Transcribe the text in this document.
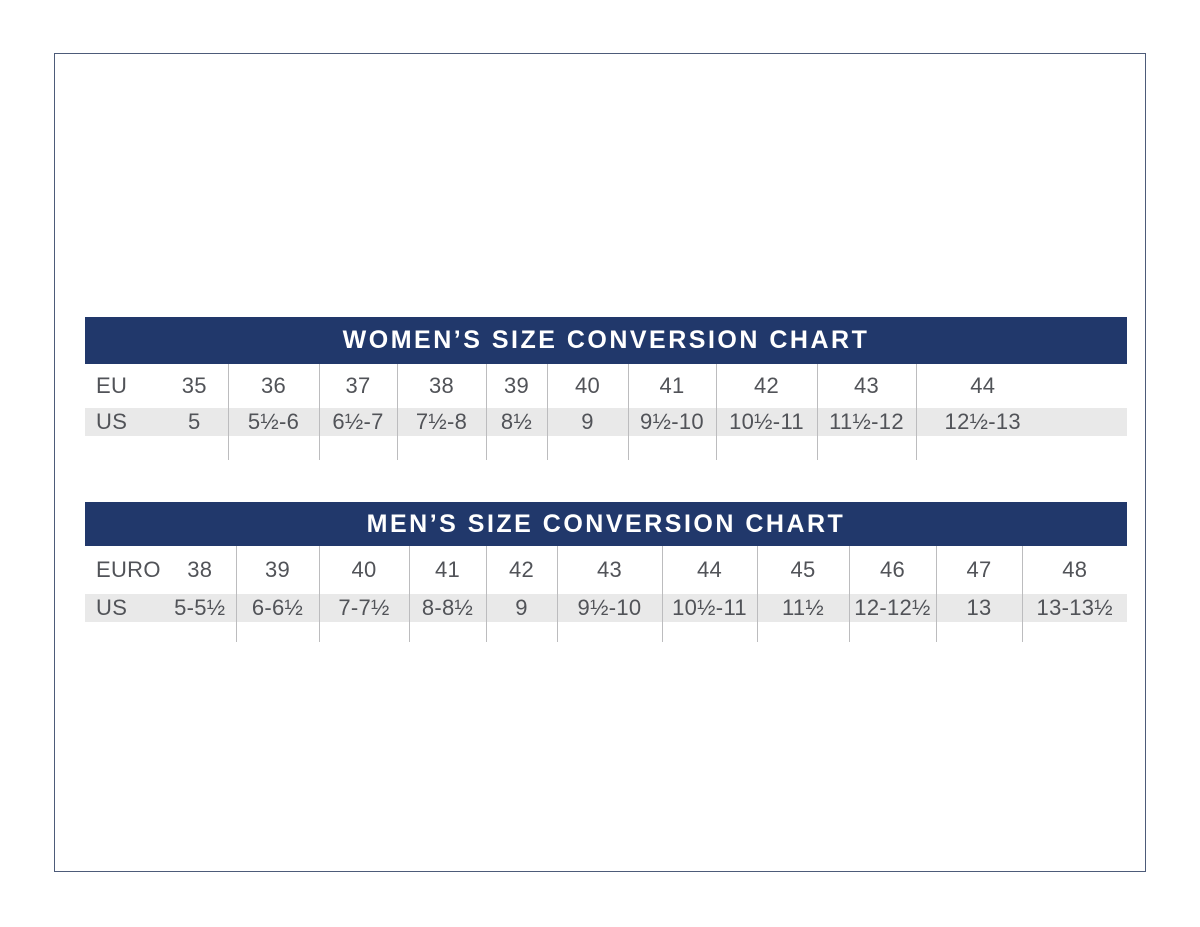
WOMEN’S SIZE CONVERSION CHART
EU	35	36	37	38	39	40	41	42	43	44	
US	5	5½-6	6½-7	7½-8	8½	9	9½-10	10½-11	11½-12	12½-13	

MEN’S SIZE CONVERSION CHART
EURO	38	39	40	41	42	43	44	45	46	47	48
US	5-5½	6-6½	7-7½	8-8½	9	9½-10	10½-11	11½	12-12½	13	13-13½
